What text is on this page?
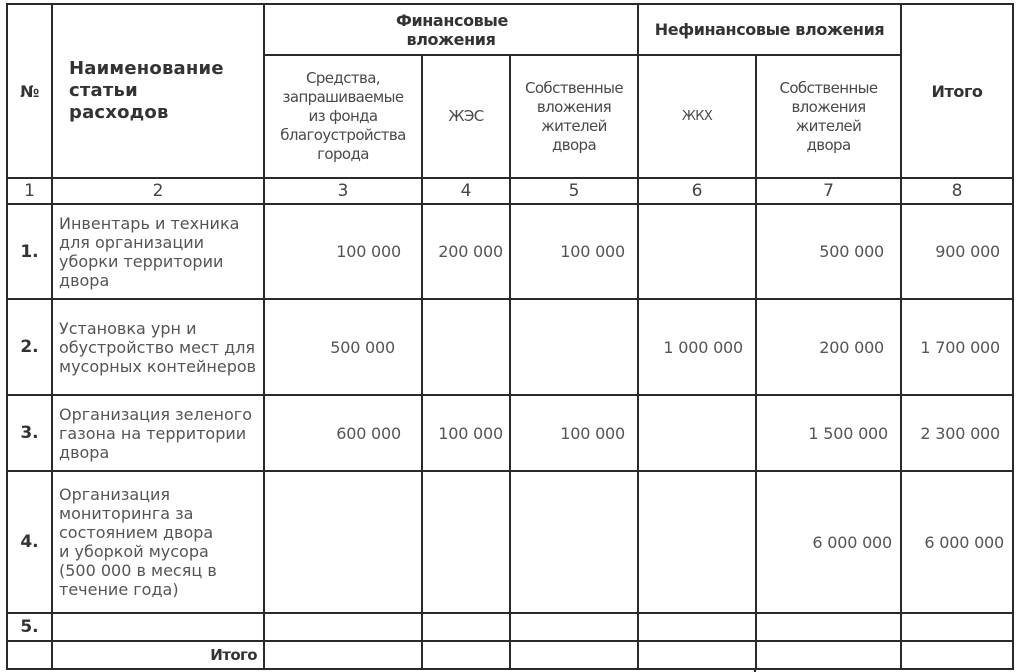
№	Наименование статьи расходов	Финансовые вложения			Нефинансовые вложения		Итого

		Средства, запрашиваемые из фонда благоустройства города	ЖЭС	Собственные вложения жителей двора	ЖКХ	Собственные вложения жителей двора	

1	2	3	4	5	6	7	8
1.	Инвентарь и техника для организации уборки территории двора	100 000	200 000	100 000		500 000	900 000
2.	Установка урн и обустройство мест для мусорных контейнеров	500 000			1 000 000	200 000	1 700 000
3.	Организация зеленого газона на территории двора	600 000	100 000	100 000		1 500 000	2 300 000
4.	Организация мониторинга за состоянием двора и уборкой мусора (500 000 в месяц в течение года)					6 000 000	6 000 000
5.							
	Итого						
